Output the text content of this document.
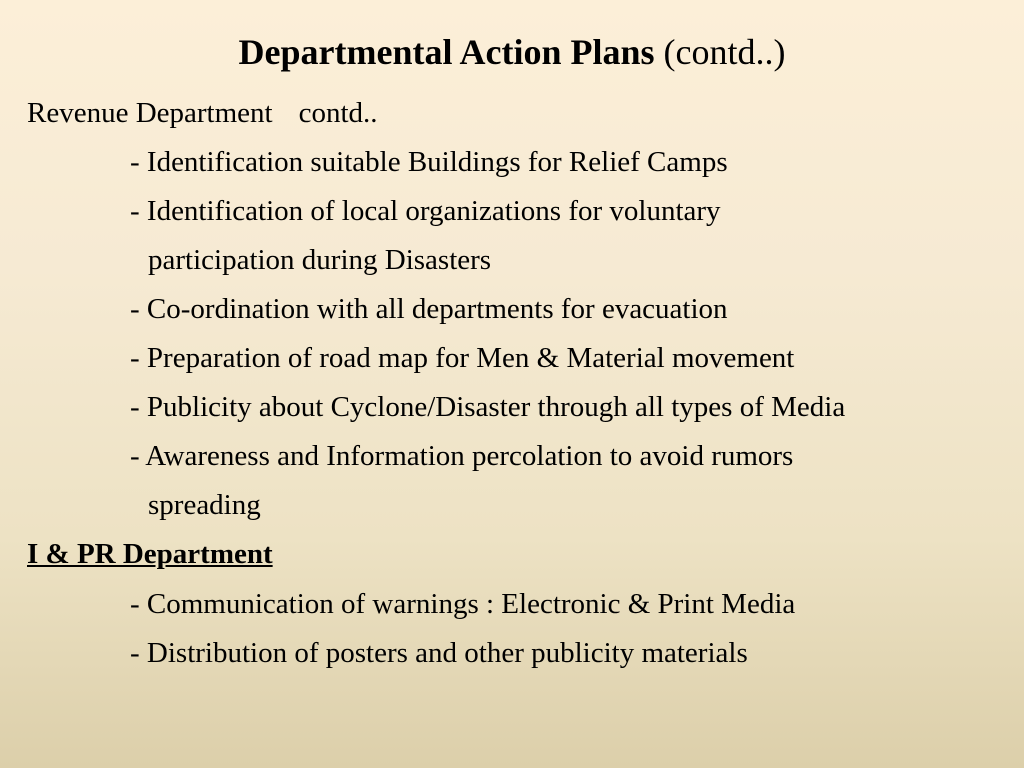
Departmental Action Plans (contd..)
Revenue Department contd..
- Identification suitable Buildings for Relief Camps
- Identification of local organizations for voluntary
participation during Disasters
- Co-ordination with all departments for evacuation
- Preparation of road map for Men & Material movement
- Publicity about Cyclone/Disaster through all types of Media
- Awareness and Information percolation to avoid rumors
spreading
I & PR Department
- Communication of warnings : Electronic & Print Media
- Distribution of posters and other publicity materials
